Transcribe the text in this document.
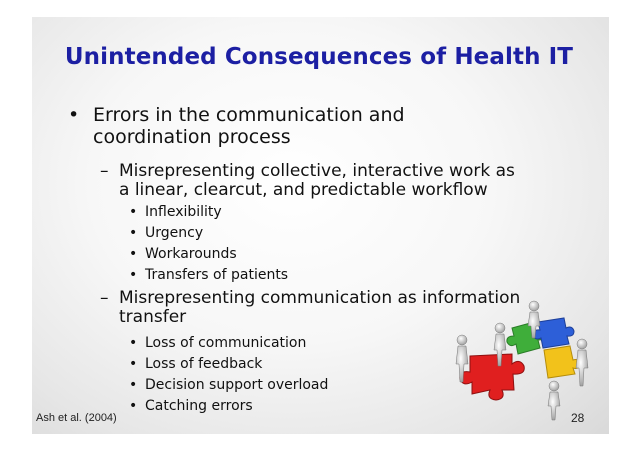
Unintended Consequences of Health IT
• Errors in the communication and
coordination process
– Misrepresenting collective, interactive work as
a linear, clearcut, and predictable workflow
• Inflexibility
• Urgency
• Workarounds
• Transfers of patients
– Misrepresenting communication as information
transfer
• Loss of communication
• Loss of feedback
• Decision support overload
• Catching errors
Ash et al. (2004)	28
